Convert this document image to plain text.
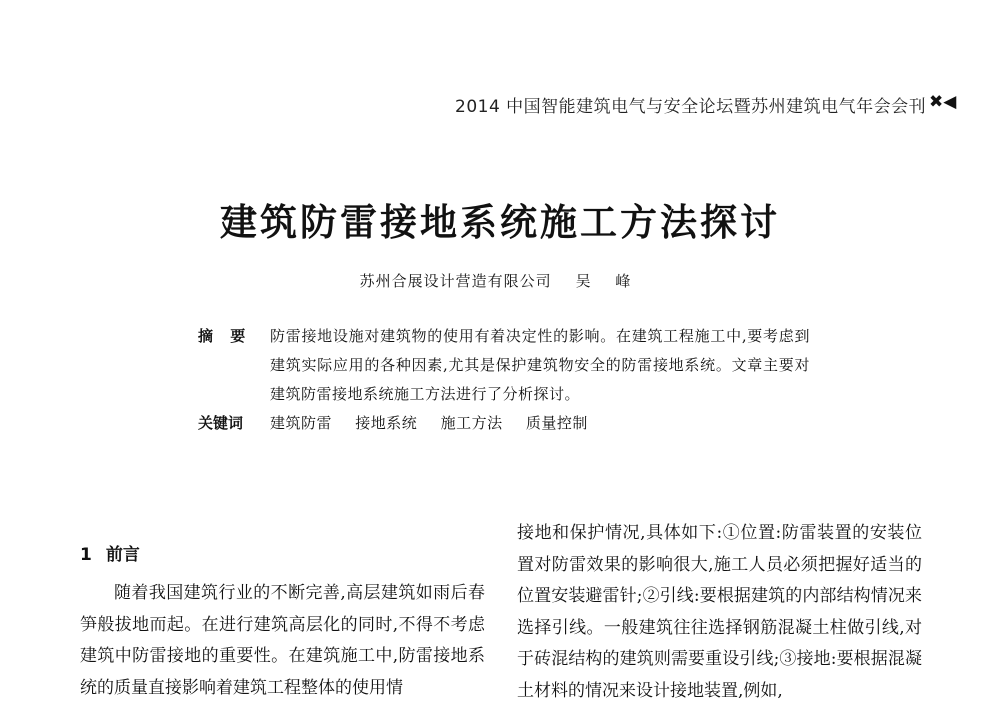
2014 中国智能建筑电气与安全论坛暨苏州建筑电气年会会刊 ✖◀
建筑防雷接地系统施工方法探讨
苏州合展设计营造有限公司 吴 峰
摘 要	防雷接地设施对建筑物的使用有着决定性的影响。在建筑工程施工中,要考虑到建筑实际应用的各种因素,尤其是保护建筑物安全的防雷接地系统。文章主要对建筑防雷接地系统施工方法进行了分析探讨。
关键词	建筑防雷 接地系统 施工方法 质量控制
1 前言

随着我国建筑行业的不断完善,高层建筑如雨后春笋般拔地而起。在进行建筑高层化的同时,不得不考虑建筑中防雷接地的重要性。在建筑施工中,防雷接地系统的质量直接影响着建筑工程整体的使用情

接地和保护情况,具体如下:①位置:防雷装置的安装位置对防雷效果的影响很大,施工人员必须把握好适当的位置安装避雷针;②引线:要根据建筑的内部结构情况来选择引线。一般建筑往往选择钢筋混凝土柱做引线,对于砖混结构的建筑则需要重设引线;③接地:要根据混凝土材料的情况来设计接地装置,例如,
